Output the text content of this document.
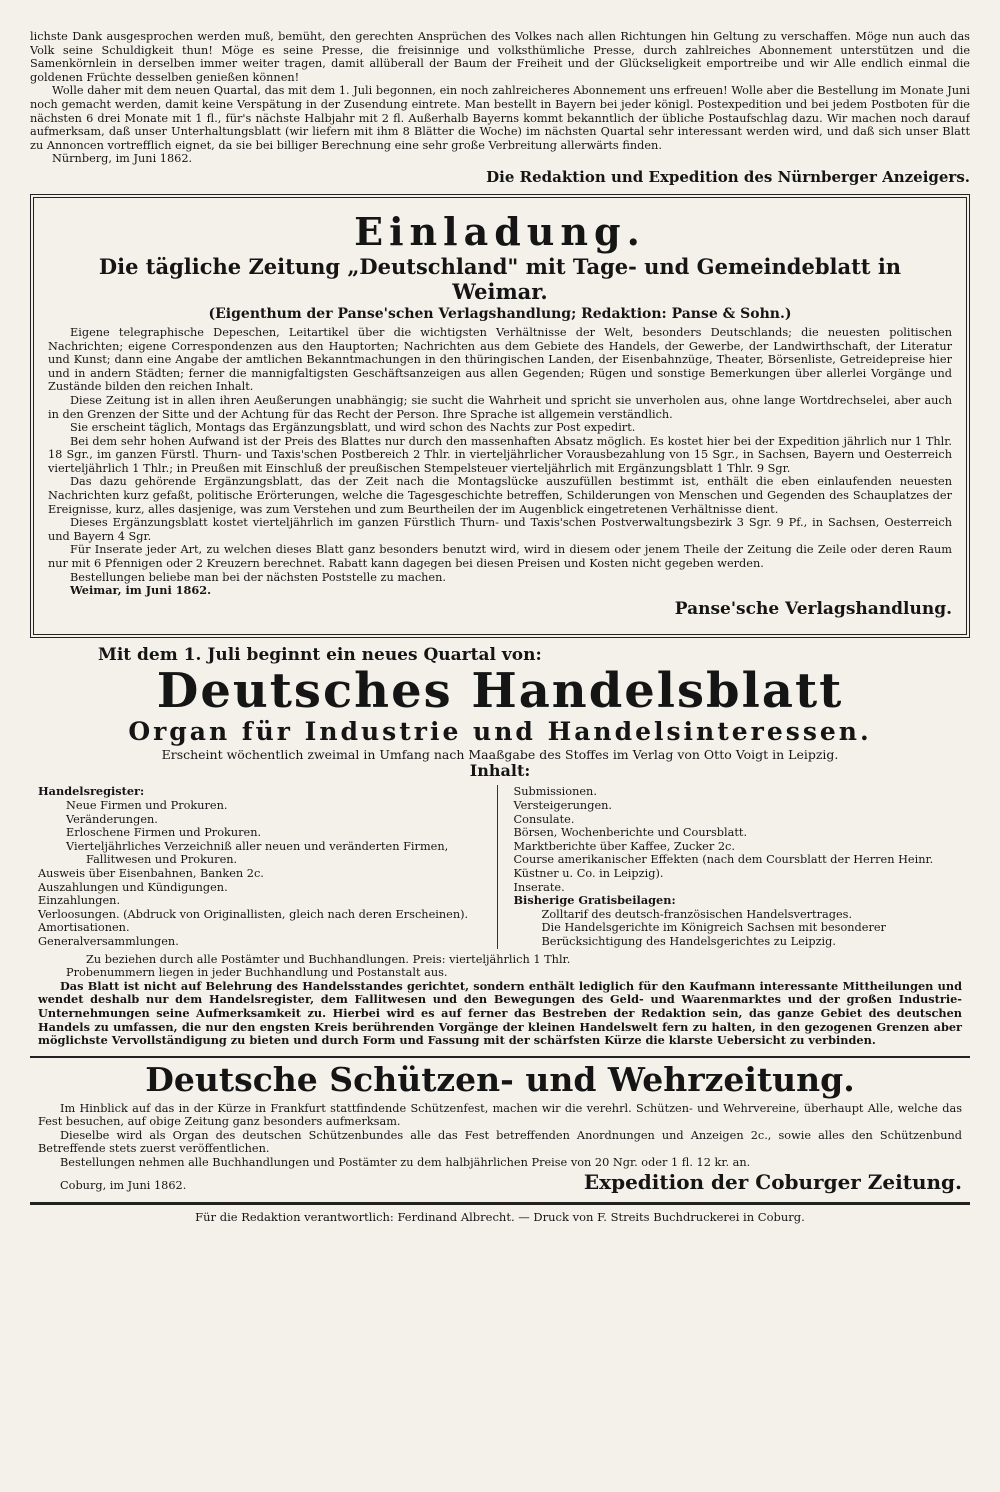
lichste Dank ausgesprochen werden muß, bemüht, den gerechten Ansprüchen des Volkes nach allen Richtungen hin Geltung zu verschaffen. Möge nun auch das Volk seine Schuldigkeit thun! Möge es seine Presse, die freisinnige und volksthümliche Presse, durch zahlreiches Abonnement unterstützen und die Samenkörnlein in derselben immer weiter tragen, damit allüberall der Baum der Freiheit und der Glückseligkeit emportreibe und wir Alle endlich einmal die goldenen Früchte desselben genießen können!

Wolle daher mit dem neuen Quartal, das mit dem 1. Juli begonnen, ein noch zahlreicheres Abonnement uns erfreuen! Wolle aber die Bestellung im Monate Juni noch gemacht werden, damit keine Verspätung in der Zusendung eintrete. Man bestellt in Bayern bei jeder königl. Postexpedition und bei jedem Postboten für die nächsten 6 drei Monate mit 1 fl., für's nächste Halbjahr mit 2 fl. Außerhalb Bayerns kommt bekanntlich der übliche Postaufschlag dazu. Wir machen noch darauf aufmerksam, daß unser Unterhaltungsblatt (wir liefern mit ihm 8 Blätter die Woche) im nächsten Quartal sehr interessant werden wird, und daß sich unser Blatt zu Annoncen vortrefflich eignet, da sie bei billiger Berechnung eine sehr große Verbreitung allerwärts finden.

Nürnberg, im Juni 1862.

Die Redaktion und Expedition des Nürnberger Anzeigers.

Einladung.

Die tägliche Zeitung „Deutschland" mit Tage- und Gemeindeblatt in Weimar.

(Eigenthum der Panse'schen Verlagshandlung; Redaktion: Panse & Sohn.)

Eigene telegraphische Depeschen, Leitartikel über die wichtigsten Verhältnisse der Welt, besonders Deutschlands; die neuesten politischen Nachrichten; eigene Correspondenzen aus den Hauptorten; Nachrichten aus dem Gebiete des Handels, der Gewerbe, der Landwirthschaft, der Literatur und Kunst; dann eine Angabe der amtlichen Bekanntmachungen in den thüringischen Landen, der Eisenbahnzüge, Theater, Börsenliste, Getreidepreise hier und in andern Städten; ferner die mannigfaltigsten Geschäftsanzeigen aus allen Gegenden; Rügen und sonstige Bemerkungen über allerlei Vorgänge und Zustände bilden den reichen Inhalt.

Diese Zeitung ist in allen ihren Aeußerungen unabhängig; sie sucht die Wahrheit und spricht sie unverholen aus, ohne lange Wortdrechselei, aber auch in den Grenzen der Sitte und der Achtung für das Recht der Person. Ihre Sprache ist allgemein verständlich.

Sie erscheint täglich, Montags das Ergänzungsblatt, und wird schon des Nachts zur Post expedirt.

Bei dem sehr hohen Aufwand ist der Preis des Blattes nur durch den massenhaften Absatz möglich. Es kostet hier bei der Expedition jährlich nur 1 Thlr. 18 Sgr., im ganzen Fürstl. Thurn- und Taxis'schen Postbereich 2 Thlr. in vierteljährlicher Vorausbezahlung von 15 Sgr., in Sachsen, Bayern und Oesterreich vierteljährlich 1 Thlr.; in Preußen mit Einschluß der preußischen Stempelsteuer vierteljährlich mit Ergänzungsblatt 1 Thlr. 9 Sgr.

Das dazu gehörende Ergänzungsblatt, das der Zeit nach die Montagslücke auszufüllen bestimmt ist, enthält die eben einlaufenden neuesten Nachrichten kurz gefaßt, politische Erörterungen, welche die Tagesgeschichte betreffen, Schilderungen von Menschen und Gegenden des Schauplatzes der Ereignisse, kurz, alles dasjenige, was zum Verstehen und zum Beurtheilen der im Augenblick eingetretenen Verhältnisse dient.

Dieses Ergänzungsblatt kostet vierteljährlich im ganzen Fürstlich Thurn- und Taxis'schen Postverwaltungsbezirk 3 Sgr. 9 Pf., in Sachsen, Oesterreich und Bayern 4 Sgr.

Für Inserate jeder Art, zu welchen dieses Blatt ganz besonders benutzt wird, wird in diesem oder jenem Theile der Zeitung die Zeile oder deren Raum nur mit 6 Pfennigen oder 2 Kreuzern berechnet. Rabatt kann dagegen bei diesen Preisen und Kosten nicht gegeben werden.

Bestellungen beliebe man bei der nächsten Poststelle zu machen.

Weimar, im Juni 1862.

Panse'sche Verlagshandlung.

Mit dem 1. Juli beginnt ein neues Quartal von:

Deutsches Handelsblatt

Organ für Industrie und Handelsinteressen.

Erscheint wöchentlich zweimal in Umfang nach Maaßgabe des Stoffes im Verlag von Otto Voigt in Leipzig.

Inhalt:

Handelsregister:

Neue Firmen und Prokuren.

Veränderungen.

Erloschene Firmen und Prokuren.

Vierteljährliches Verzeichniß aller neuen und veränderten Firmen,

Fallitwesen und Prokuren.

Ausweis über Eisenbahnen, Banken 2c.

Auszahlungen und Kündigungen.

Einzahlungen.

Verloosungen. (Abdruck von Originallisten, gleich nach deren Erscheinen).

Amortisationen.

Generalversammlungen.

Submissionen.

Versteigerungen.

Consulate.

Börsen, Wochenberichte und Coursblatt.

Marktberichte über Kaffee, Zucker 2c.

Course amerikanischer Effekten (nach dem Coursblatt der Herren Heinr. Küstner u. Co. in Leipzig).

Inserate.

Bisherige Gratisbeilagen:

Zolltarif des deutsch-französischen Handelsvertrages.

Die Handelsgerichte im Königreich Sachsen mit besonderer Berücksichtigung des Handelsgerichtes zu Leipzig.

Zu beziehen durch alle Postämter und Buchhandlungen. Preis: vierteljährlich 1 Thlr.

Probenummern liegen in jeder Buchhandlung und Postanstalt aus.

Das Blatt ist nicht auf Belehrung des Handelsstandes gerichtet, sondern enthält lediglich für den Kaufmann interessante Mittheilungen und wendet deshalb nur dem Handelsregister, dem Fallitwesen und den Bewegungen des Geld- und Waarenmarktes und der großen Industrie-Unternehmungen seine Aufmerksamkeit zu. Hierbei wird es auf ferner das Bestreben der Redaktion sein, das ganze Gebiet des deutschen Handels zu umfassen, die nur den engsten Kreis berührenden Vorgänge der kleinen Handelswelt fern zu halten, in den gezogenen Grenzen aber möglichste Vervollständigung zu bieten und durch Form und Fassung mit der schärfsten Kürze die klarste Uebersicht zu verbinden.

Deutsche Schützen- und Wehrzeitung.

Im Hinblick auf das in der Kürze in Frankfurt stattfindende Schützenfest, machen wir die verehrl. Schützen- und Wehrvereine, überhaupt Alle, welche das Fest besuchen, auf obige Zeitung ganz besonders aufmerksam.

Dieselbe wird als Organ des deutschen Schützenbundes alle das Fest betreffenden Anordnungen und Anzeigen 2c., sowie alles den Schützenbund Betreffende stets zuerst veröffentlichen.

Bestellungen nehmen alle Buchhandlungen und Postämter zu dem halbjährlichen Preise von 20 Ngr. oder 1 fl. 12 kr. an.

Coburg, im Juni 1862.	Expedition der Coburger Zeitung.

Für die Redaktion verantwortlich: Ferdinand Albrecht. — Druck von F. Streits Buchdruckerei in Coburg.
